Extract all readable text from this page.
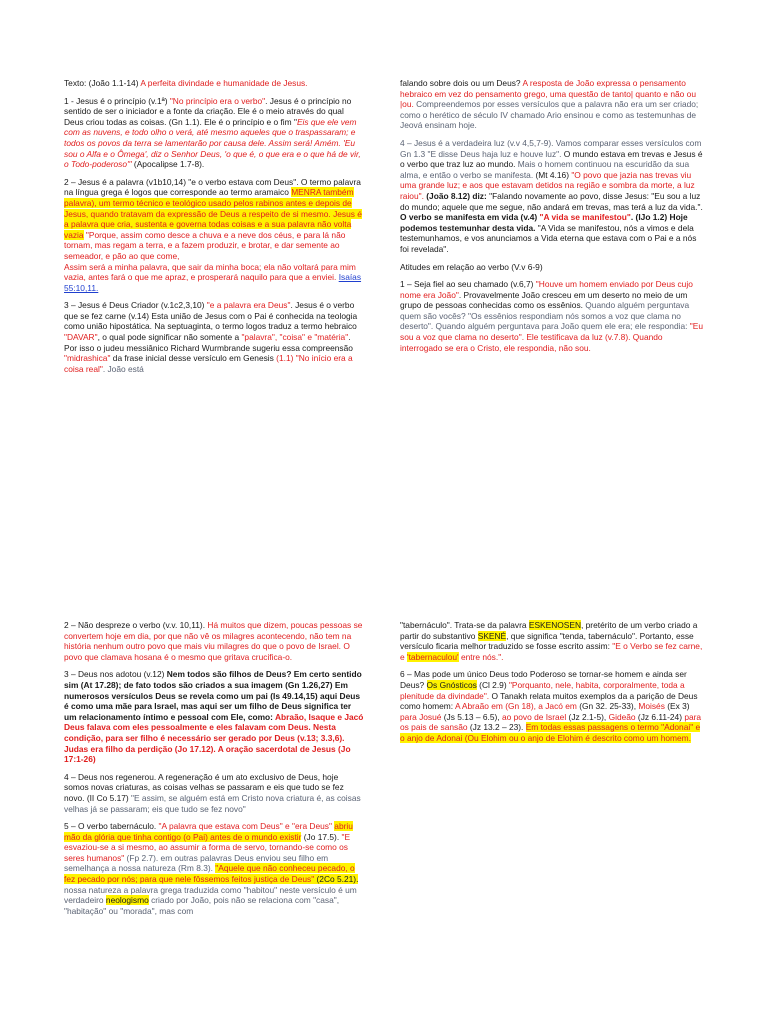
Texto: (João 1.1-14) A perfeita divindade e humanidade de Jesus.

1 - Jesus é o princípio (v.1ª) "No princípio era o verbo". Jesus é o princípio no sentido de ser o iniciador e a fonte da criação. Ele é o meio através do qual Deus criou todas as coisas. (Gn 1.1). Ele é o princípio e o fim "Eis que ele vem com as nuvens, e todo olho o verá, até mesmo aqueles que o traspassaram; e todos os povos da terra se lamentarão por causa dele. Assim será! Amém. 'Eu sou o Alfa e o Ômega', diz o Senhor Deus, 'o que é, o que era e o que há de vir, o Todo-poderoso'" (Apocalipse 1.7-8).

2 – Jesus é a palavra (v1b10,14) "e o verbo estava com Deus". O termo palavra na língua grega é logos que corresponde ao termo aramaico MENRA também palavra), um termo técnico e teológico usado pelos rabinos antes e depois de Jesus, quando tratavam da expressão de Deus a respeito de si mesmo. Jesus é a palavra que cria, sustenta e governa todas coisas e a sua palavra não volta vazia "Porque, assim como desce a chuva e a neve dos céus, e para lá não tornam, mas regam a terra, e a fazem produzir, e brotar, e dar semente ao semeador, e pão ao que come,

Assim será a minha palavra, que sair da minha boca; ela não voltará para mim vazia, antes fará o que me apraz, e prosperará naquilo para que a enviei. Isaías 55:10,11.

3 – Jesus é Deus Criador (v.1c2,3,10) "e a palavra era Deus". Jesus é o verbo que se fez carne (v.14) Esta união de Jesus com o Pai é conhecida na teologia como união hipostática. Na septuaginta, o termo logos traduz a termo hebraico "DAVAR", o qual pode significar não somente a "palavra", "coisa" e "matéria". Por isso o judeu messiânico Richard Wurmbrande sugeriu essa compreensão "midrashica" da frase inicial desse versículo em Genesis (1.1) "No início era a coisa real". João está

falando sobre dois ou um Deus? A resposta de João expressa o pensamento hebraico em vez do pensamento grego, uma questão de tanto| quanto e não ou |ou. Compreendemos por esses versículos que a palavra não era um ser criado; como o herético de século IV chamado Ario ensinou e como as testemunhas de Jeová ensinam hoje.

4 – Jesus é a verdadeira luz (v.v 4,5,7-9). Vamos comparar esses versículos com Gn 1.3 "E disse Deus haja luz e houve luz". O mundo estava em trevas e Jesus é o verbo que traz luz ao mundo. Mais o homem continuou na escuridão da sua alma, e então o verbo se manifesta. (Mt 4.16) "O povo que jazia nas trevas viu uma grande luz; e aos que estavam detidos na região e sombra da morte, a luz raiou". (João 8.12) diz: "Falando novamente ao povo, disse Jesus: "Eu sou a luz do mundo; aquele que me segue, não andará em trevas, mas terá a luz da vida.". O verbo se manifesta em vida (v.4) "A vida se manifestou". (IJo 1.2) Hoje podemos testemunhar desta vida. "A Vida se manifestou, nós a vimos e dela testemunhamos, e vos anunciamos a Vida eterna que estava com o Pai e a nós foi revelada".

Atitudes em relação ao verbo (V.v 6-9)

1 – Seja fiel ao seu chamado (v.6,7) "Houve um homem enviado por Deus cujo nome era João". Provavelmente João cresceu em um deserto no meio de um grupo de pessoas conhecidas como os essênios. Quando alguém perguntava quem são vocês? "Os essênios respondiam nós somos a voz que clama no deserto". Quando alguém perguntava para João quem ele era; ele respondia: "Eu sou a voz que clama no deserto". Ele testificava da luz (v.7.8). Quando interrogado se era o Cristo, ele respondia, não sou.

2 – Não despreze o verbo (v.v. 10,11). Há muitos que dizem, poucas pessoas se convertem hoje em dia, por que não vê os milagres acontecendo, não tem na história nenhum outro povo que mais viu milagres do que o povo de Israel. O povo que clamava hosana é o mesmo que gritava crucifica-o.

3 – Deus nos adotou (v.12) Nem todos são filhos de Deus? Em certo sentido sim (At 17.28); de fato todos são criados a sua imagem (Gn 1.26,27) Em numerosos versículos Deus se revela como um pai (Is 49.14,15) aqui Deus é como uma mãe para Israel, mas aqui ser um filho de Deus significa ter um relacionamento íntimo e pessoal com Ele, como: Abraão, Isaque e Jacó Deus falava com eles pessoalmente e eles falavam com Deus. Nesta condição, para ser filho é necessário ser gerado por Deus (v.13; 3.3,6). Judas era filho da perdição (Jo 17.12). A oração sacerdotal de Jesus (Jo 17:1-26)

4 – Deus nos regenerou. A regeneração é um ato exclusivo de Deus, hoje somos novas criaturas, as coisas velhas se passaram e eis que tudo se fez novo. (II Co 5.17) "E assim, se alguém está em Cristo nova criatura é, as coisas velhas já se passaram; eis que tudo se fez novo"

5 – O verbo tabernáculo. "A palavra que estava com Deus" e "era Deus" abriu mão da glória que tinha contigo (o Pai) antes de o mundo existir (Jo 17.5). "E esvaziou-se a si mesmo, ao assumir a forma de servo, tornando-se como os seres humanos" (Fp 2.7). em outras palavras Deus enviou seu filho em semelhança a nossa natureza (Rm 8.3). "Aquele que não conheceu pecado, o fez pecado por nós; para que nele fôssemos feitos justiça de Deus" (2Co 5.21). nossa natureza a palavra grega traduzida como "habitou" neste versículo é um verdadeiro neologismo criado por João, pois não se relaciona com "casa", "habitação" ou "morada", mas com

"tabernáculo". Trata-se da palavra ESKENOSEN, pretérito de um verbo criado a partir do substantivo SKENÉ, que significa "tenda, tabernáculo". Portanto, esse versículo ficaria melhor traduzido se fosse escrito assim: "E o Verbo se fez carne, e 'tabernaculou' entre nós.".

6 – Mas pode um único Deus todo Poderoso se tornar-se homem e ainda ser Deus? Os Gnósticos (Cl 2.9) "Porquanto, nele, habita, corporalmente, toda a plenitude da divindade". O Tanakh relata muitos exemplos da a parição de Deus como homem: A Abraão em (Gn 18), a Jacó em (Gn 32. 25-33), Moisés (Ex 3) para Josué (Js 5.13 – 6.5), ao povo de Israel (Jz 2.1-5), Gideão (Jz 6.11-24) para os pais de sansão (Jz 13.2 – 23). Em todas essas passagens o termo "Adonai" e o anjo de Adonai (Ou Elohim ou o anjo de Elohim é descrito como um homem.
